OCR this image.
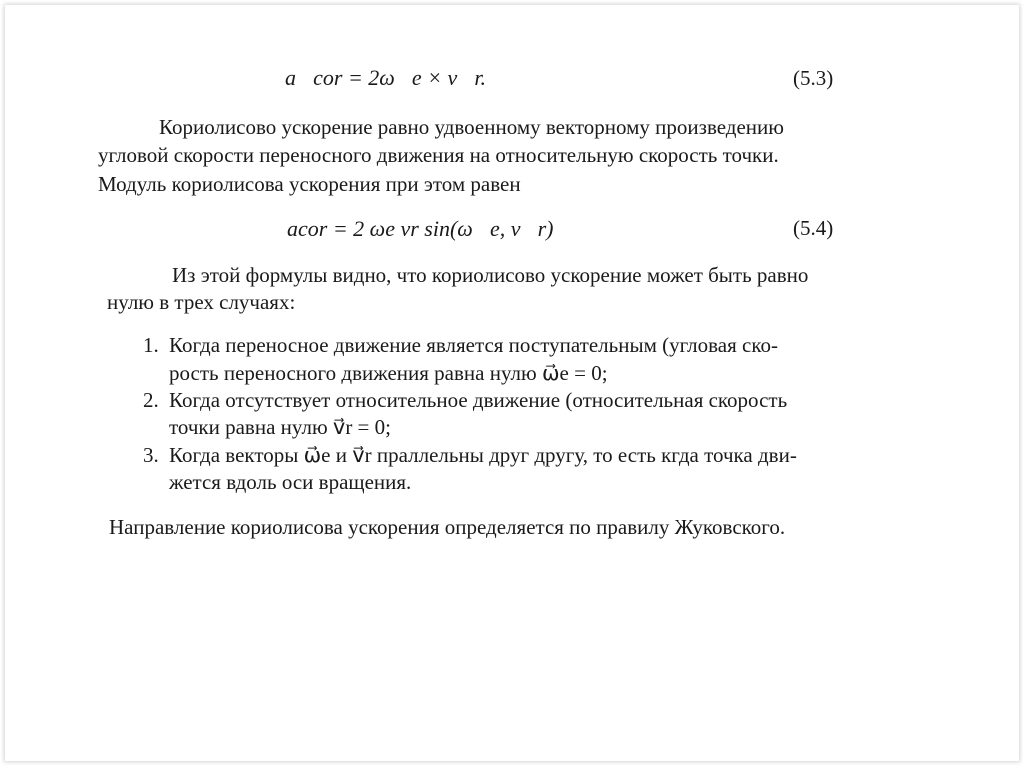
a⃗cor = 2ω⃗e × v⃗r.	(5.3)
Кориолисово ускорение равно удвоенному векторному произведению
угловой скорости переносного движения на относительную скорость точки.
Модуль кориолисова ускорения при этом равен
acor = 2 ωe vr sin(ω⃗e, v⃗r)	(5.4)
Из этой формулы видно, что кориолисово ускорение может быть равно
нулю в трех случаях:
1. Когда переносное движение является поступательным (угловая ско-
рость переносного движения равна нулю ω⃗e = 0;
2. Когда отсутствует относительное движение (относительная скорость
точки равна нулю v⃗r = 0;
3. Когда векторы ω⃗e и v⃗r праллельны друг другу, то есть кгда точка дви-
жется вдоль оси вращения.
Направление кориолисова ускорения определяется по правилу Жуковского.
